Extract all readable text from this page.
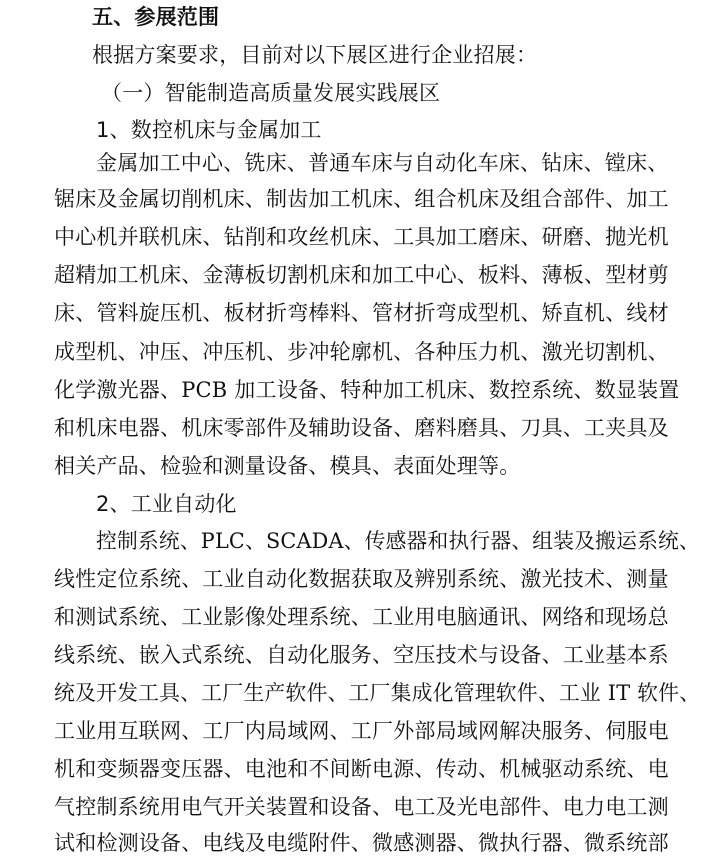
五、参展范围
根据方案要求，目前对以下展区进行企业招展：
（一）智能制造高质量发展实践展区
1、数控机床与金属加工
金属加工中心、铣床、普通车床与自动化车床、钻床、镗床、
锯床及金属切削机床、制齿加工机床、组合机床及组合部件、加工
中心机并联机床、钻削和攻丝机床、工具加工磨床、研磨、抛光机
超精加工机床、金薄板切割机床和加工中心、板料、薄板、型材剪
床、管料旋压机、板材折弯棒料、管材折弯成型机、矫直机、线材
成型机、冲压、冲压机、步冲轮廓机、各种压力机、激光切割机、
化学激光器、PCB 加工设备、特种加工机床、数控系统、数显装置
和机床电器、机床零部件及辅助设备、磨料磨具、刀具、工夹具及
相关产品、检验和测量设备、模具、表面处理等。
2、工业自动化
控制系统、PLC、SCADA、传感器和执行器、组装及搬运系统、
线性定位系统、工业自动化数据获取及辨别系统、激光技术、测量
和测试系统、工业影像处理系统、工业用电脑通讯、网络和现场总
线系统、嵌入式系统、自动化服务、空压技术与设备、工业基本系
统及开发工具、工厂生产软件、工厂集成化管理软件、工业 IT 软件、
工业用互联网、工厂内局域网、工厂外部局域网解决服务、伺服电
机和变频器变压器、电池和不间断电源、传动、机械驱动系统、电
气控制系统用电气开关装置和设备、电工及光电部件、电力电工测
试和检测设备、电线及电缆附件、微感测器、微执行器、微系统部
